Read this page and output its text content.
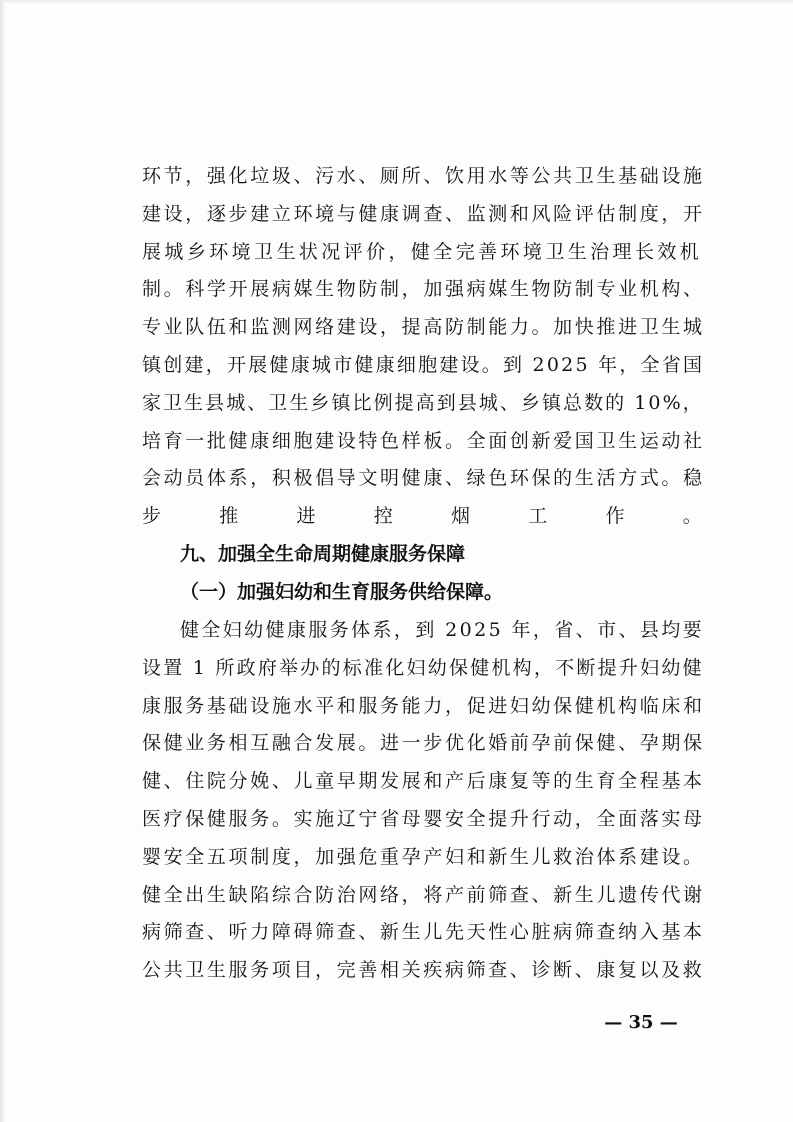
环节，强化垃圾、污水、厕所、饮用水等公共卫生基础设施
建设，逐步建立环境与健康调查、监测和风险评估制度，开
展城乡环境卫生状况评价，健全完善环境卫生治理长效机
制。科学开展病媒生物防制，加强病媒生物防制专业机构、
专业队伍和监测网络建设，提高防制能力。加快推进卫生城
镇创建，开展健康城市健康细胞建设。到 2025 年，全省国
家卫生县城、卫生乡镇比例提高到县城、乡镇总数的 10%，
培育一批健康细胞建设特色样板。全面创新爱国卫生运动社
会动员体系，积极倡导文明健康、绿色环保的生活方式。稳
步推进控烟工作。
九、加强全生命周期健康服务保障
（一）加强妇幼和生育服务供给保障。
健全妇幼健康服务体系，到 2025 年，省、市、县均要
设置 1 所政府举办的标准化妇幼保健机构，不断提升妇幼健
康服务基础设施水平和服务能力，促进妇幼保健机构临床和
保健业务相互融合发展。进一步优化婚前孕前保健、孕期保
健、住院分娩、儿童早期发展和产后康复等的生育全程基本
医疗保健服务。实施辽宁省母婴安全提升行动，全面落实母
婴安全五项制度，加强危重孕产妇和新生儿救治体系建设。
健全出生缺陷综合防治网络，将产前筛查、新生儿遗传代谢
病筛查、听力障碍筛查、新生儿先天性心脏病筛查纳入基本
公共卫生服务项目，完善相关疾病筛查、诊断、康复以及救
— 35 —
